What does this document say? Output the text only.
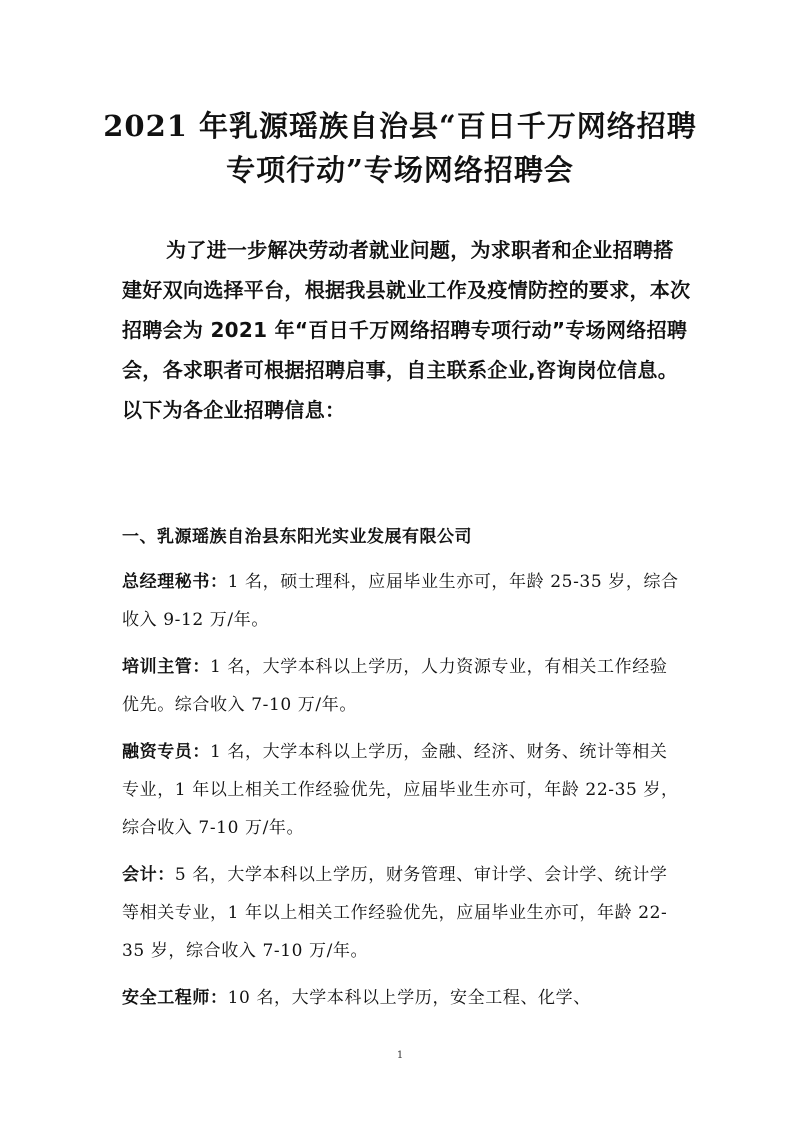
2021 年乳源瑶族自治县“百日千万网络招聘
专项行动”专场网络招聘会

为了进一步解决劳动者就业问题，为求职者和企业招聘搭建好双向选择平台，根据我县就业工作及疫情防控的要求，本次招聘会为 2021 年“百日千万网络招聘专项行动”专场网络招聘会，各求职者可根据招聘启事，自主联系企业,咨询岗位信息。以下为各企业招聘信息：

一、乳源瑶族自治县东阳光实业发展有限公司
总经理秘书：1 名，硕士理科，应届毕业生亦可，年龄 25-35 岁，综合收入 9-12 万/年。
培训主管：1 名，大学本科以上学历，人力资源专业，有相关工作经验优先。综合收入 7-10 万/年。
融资专员：1 名，大学本科以上学历，金融、经济、财务、统计等相关专业，1 年以上相关工作经验优先，应届毕业生亦可，年龄 22-35 岁，综合收入 7-10 万/年。
会计：5 名，大学本科以上学历，财务管理、审计学、会计学、统计学等相关专业，1 年以上相关工作经验优先，应届毕业生亦可，年龄 22-35 岁，综合收入 7-10 万/年。
安全工程师：10 名，大学本科以上学历，安全工程、化学、
1
